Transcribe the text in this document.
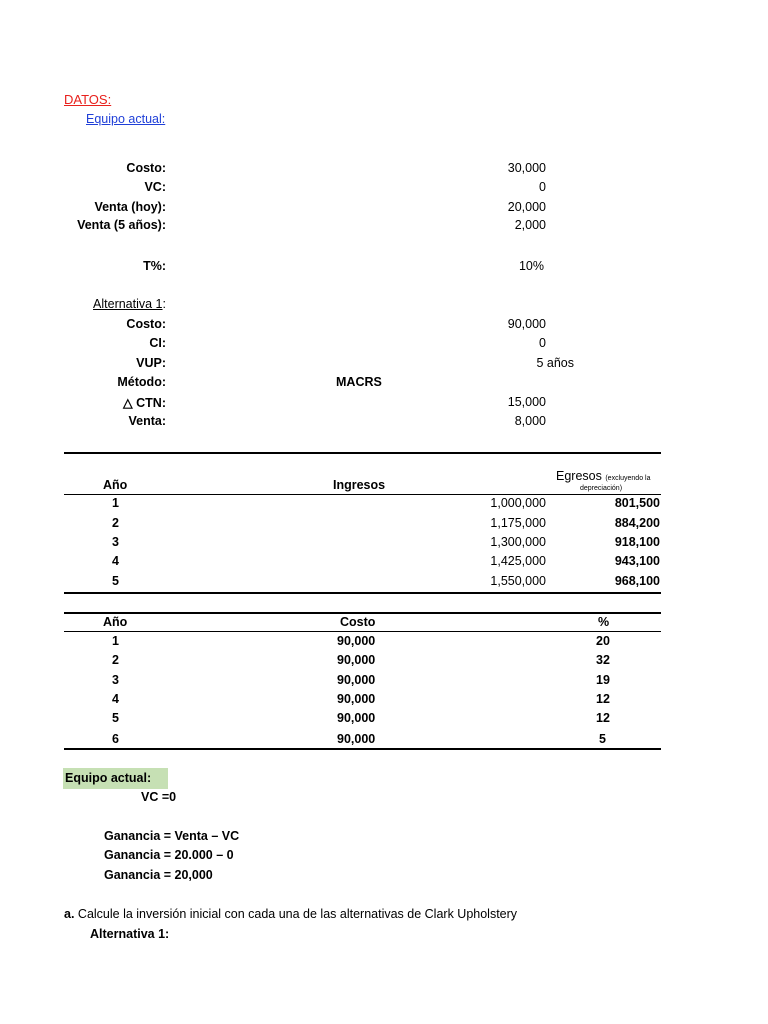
DATOS:
Equipo actual:
Costo:	30,000
VC:	0
Venta (hoy):	20,000
Venta (5 años):	2,000
T%:	10%
Alternativa 1:
Costo:	90,000
CI:	0
VUP:	5 años
Método:	MACRS
△ CTN:	15,000
Venta:	8,000
Año	Ingresos
Egresos (excluyendo la
depreciación)
1	1,000,000	801,500
2	1,175,000	884,200
3	1,300,000	918,100
4	1,425,000	943,100
5	1,550,000	968,100
Año	Costo	%
1	90,000	20
2	90,000	32
3	90,000	19
4	90,000	12
5	90,000	12
6	90,000	5
Equipo actual:
VC =0
Ganancia = Venta – VC
Ganancia = 20.000 – 0
Ganancia = 20,000
a. Calcule la inversión inicial con cada una de las alternativas de Clark Upholstery
Alternativa 1:
